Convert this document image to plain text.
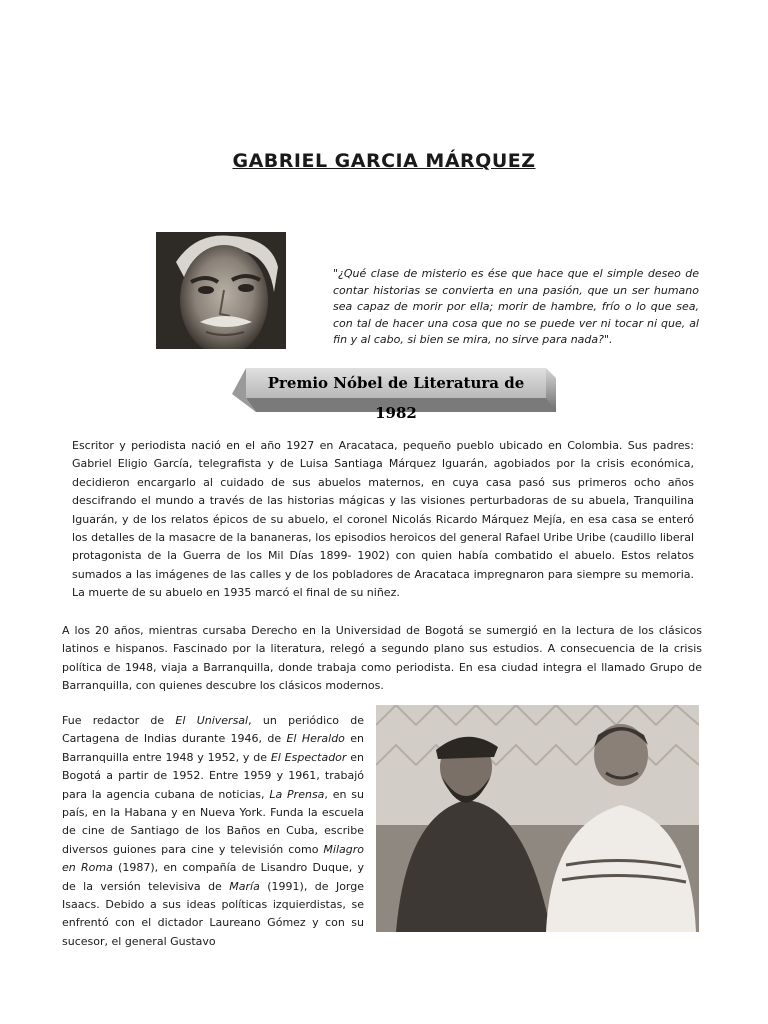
GABRIEL GARCIA MÁRQUEZ
"¿Qué clase de misterio es ése que hace que el simple deseo de contar historias se convierta en una pasión, que un ser humano sea capaz de morir por ella; morir de hambre, frío o lo que sea, con tal de hacer una cosa que no se puede ver ni tocar ni que, al fin y al cabo, si bien se mira, no sirve para nada?".
Premio Nóbel de Literatura de 1982

Escritor y periodista nació en el año 1927 en Aracataca, pequeño pueblo ubicado en Colombia. Sus padres: Gabriel Eligio García, telegrafista y de Luisa Santiaga Márquez Iguarán, agobiados por la crisis económica, decidieron encargarlo al cuidado de sus abuelos maternos, en cuya casa pasó sus primeros ocho años descifrando el mundo a través de las historias mágicas y las visiones perturbadoras de su abuela, Tranquilina Iguarán, y de los relatos épicos de su abuelo, el coronel Nicolás Ricardo Márquez Mejía, en esa casa se enteró los detalles de la masacre de la bananeras, los episodios heroicos del general Rafael Uribe Uribe (caudillo liberal protagonista de la Guerra de los Mil Días 1899- 1902) con quien había combatido el abuelo. Estos relatos sumados a las imágenes de las calles y de los pobladores de Aracataca impregnaron para siempre su memoria. La muerte de su abuelo en 1935 marcó el final de su niñez.

A los 20 años, mientras cursaba Derecho en la Universidad de Bogotá se sumergió en la lectura de los clásicos latinos e hispanos. Fascinado por la literatura, relegó a segundo plano sus estudios. A consecuencia de la crisis política de 1948, viaja a Barranquilla, donde trabaja como periodista. En esa ciudad integra el llamado Grupo de Barranquilla, con quienes descubre los clásicos modernos.

Fue redactor de El Universal, un periódico de Cartagena de Indias durante 1946, de El Heraldo en Barranquilla entre 1948 y 1952, y de El Espectador en Bogotá a partir de 1952. Entre 1959 y 1961, trabajó para la agencia cubana de noticias, La Prensa, en su país, en la Habana y en Nueva York. Funda la escuela de cine de Santiago de los Baños en Cuba, escribe diversos guiones para cine y televisión como Milagro en Roma (1987), en compañía de Lisandro Duque, y de la versión televisiva de María (1991), de Jorge Isaacs. Debido a sus ideas políticas izquierdistas, se enfrentó con el dictador Laureano Gómez y con su sucesor, el general Gustavo
